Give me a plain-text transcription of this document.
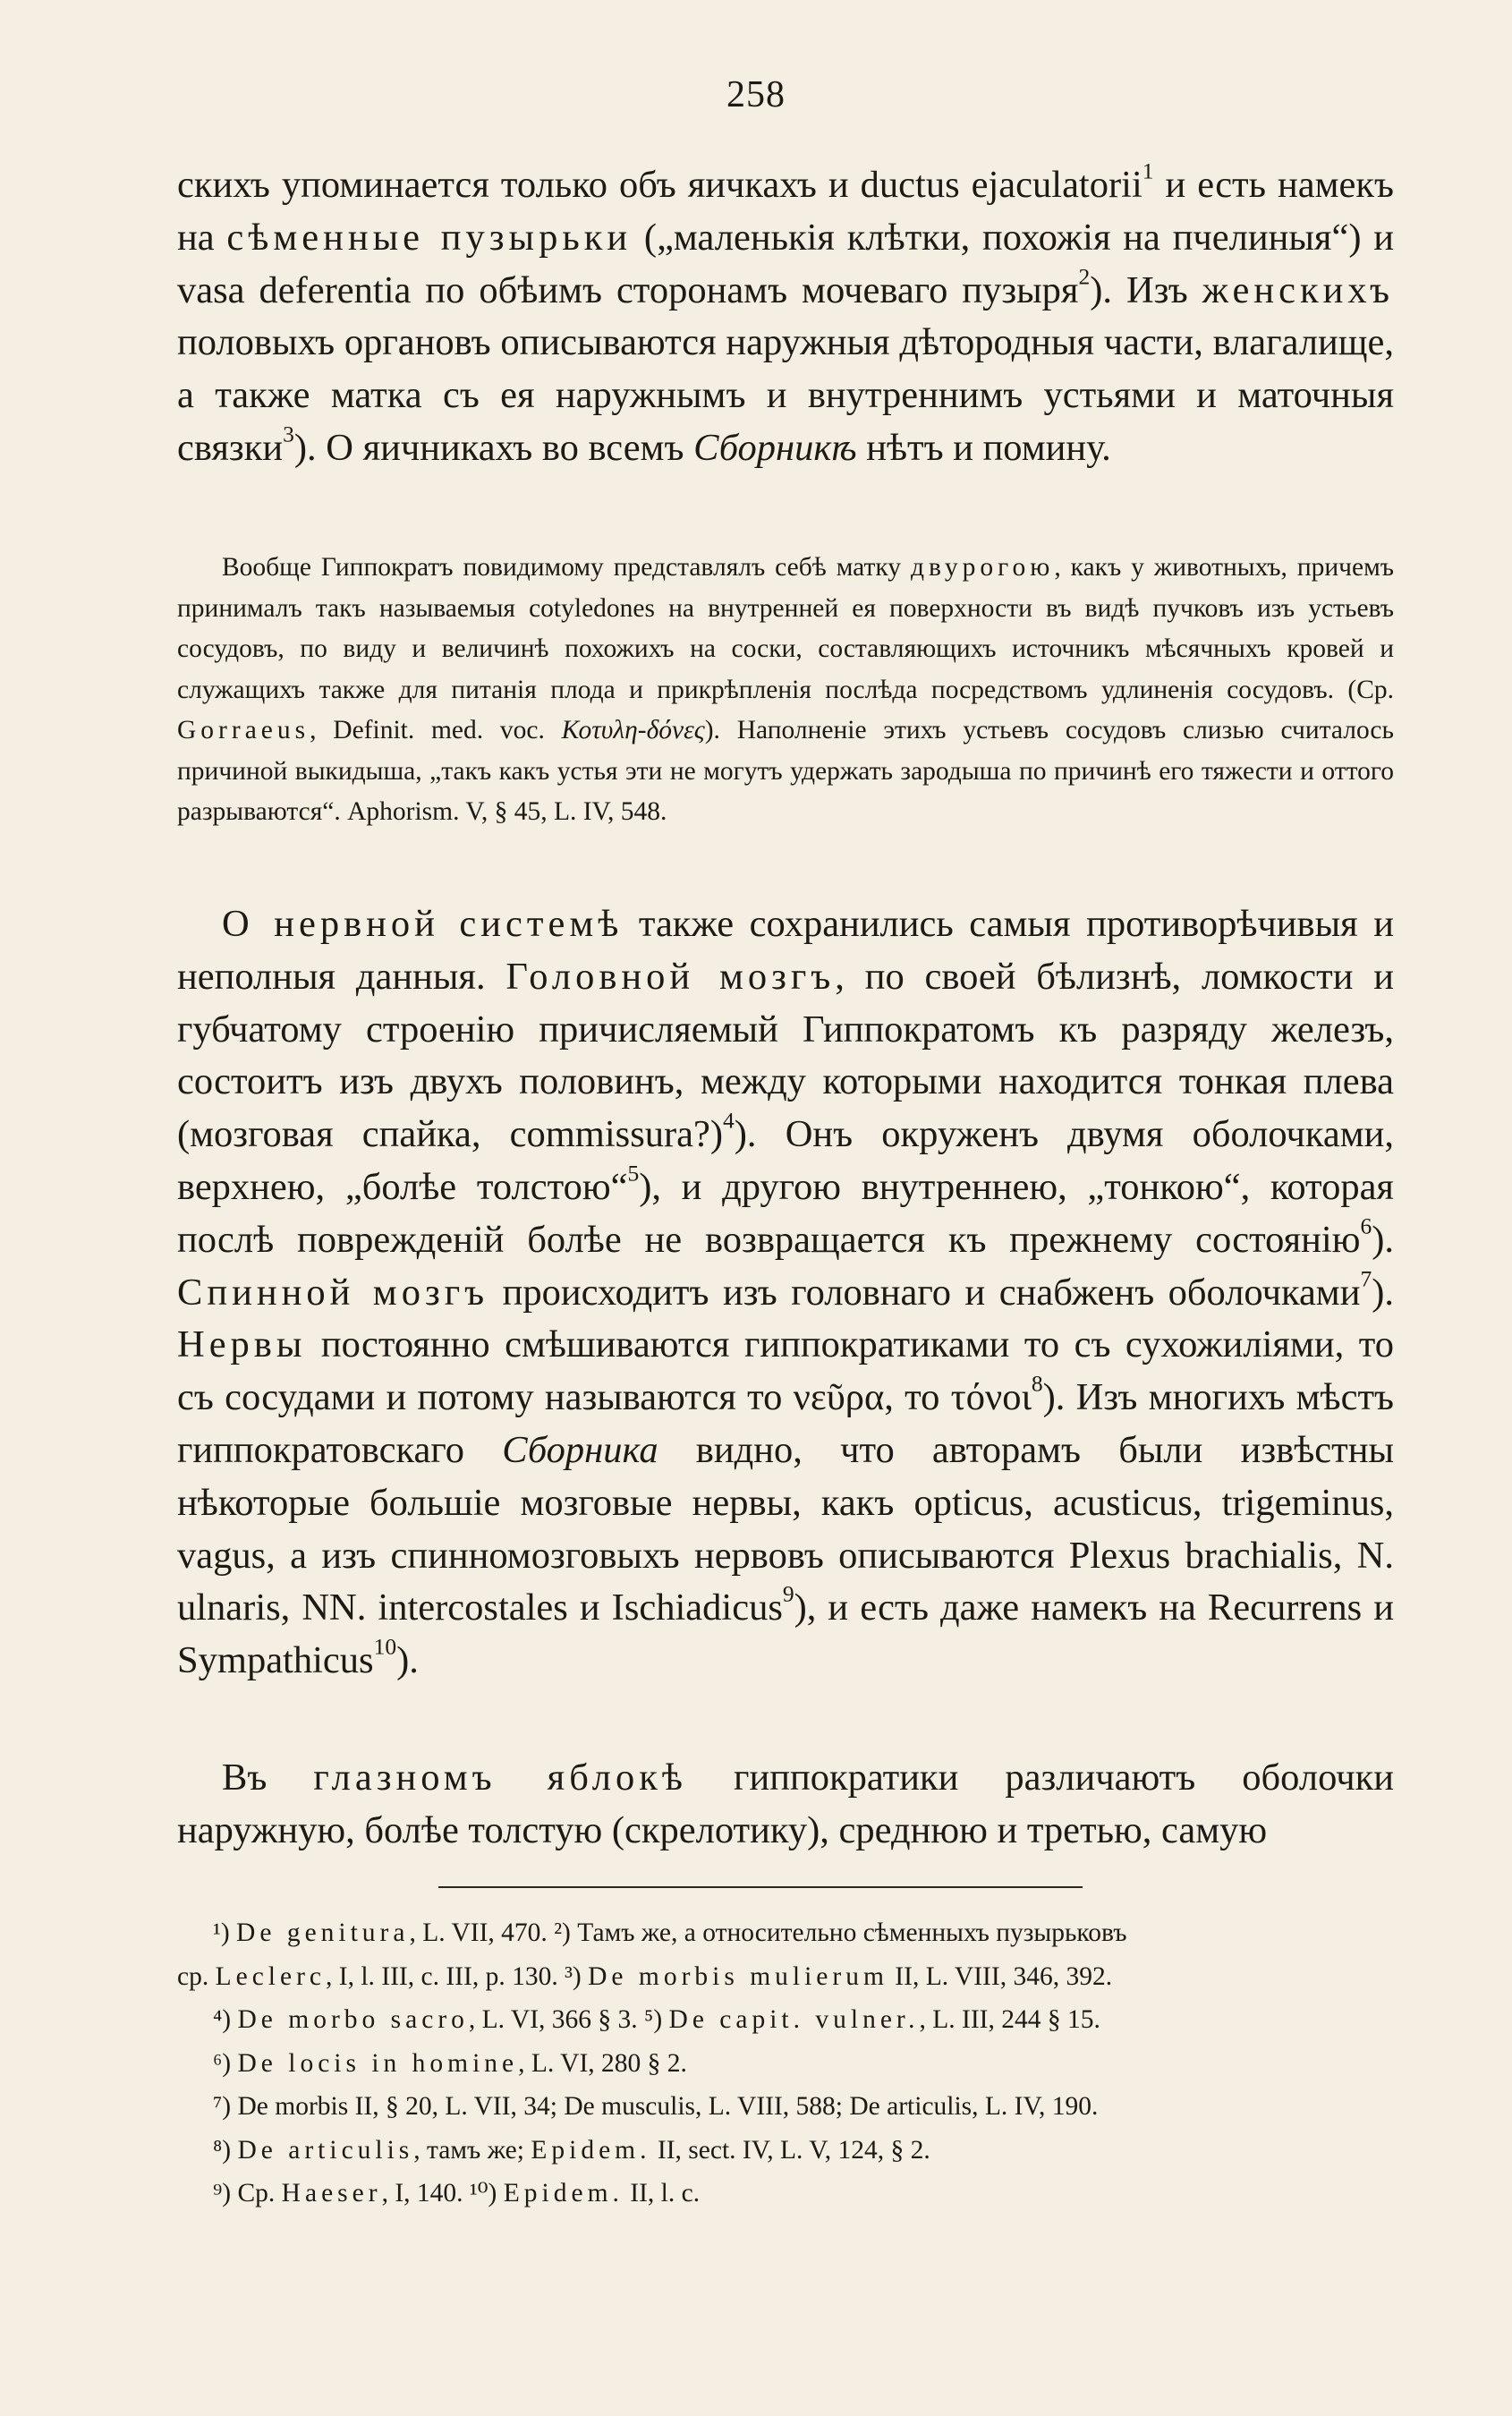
258

скихъ упоминается только объ яичкахъ и ductus ejaculatorii$^1$ и есть намекъ на сѣменные пузырьки („маленькія клѣтки, похожія на пчелиныя“) и vasa deferentia по обѣимъ сторонамъ мочеваго пузыря$^2$). Изъ женскихъ половыхъ органовъ описываются наружныя дѣтородныя части, влагалище, а также матка съ ея наружнымъ и внутреннимъ устьями и маточныя связки$^3$). О яичникахъ во всемъ Сборникѣ нѣтъ и помину.

Вообще Гиппократъ повидимому представлялъ себѣ матку двурогою, какъ у животныхъ, причемъ принималъ такъ называемыя cotyledones на внутренней ея поверхности въ видѣ пучковъ изъ устьевъ сосудовъ, по виду и величинѣ похожихъ на соски, составляющихъ источникъ мѣсячныхъ кровей и служащихъ также для питанія плода и прикрѣпленія послѣда посредствомъ удлиненія сосудовъ. (Ср. Gorraeus, Definit. med. voc. Κοτυλη-δόνες). Наполненіе этихъ устьевъ сосудовъ слизью считалось причиной выкидыша, „такъ какъ устья эти не могутъ удержать зародыша по причинѣ его тяжести и оттого разрываются“. Aphorism. V, § 45, L. IV, 548.

О нервной системѣ также сохранились самыя противорѣчивыя и неполныя данныя. Головной мозгъ, по своей бѣлизнѣ, ломкости и губчатому строенію причисляемый Гиппократомъ къ разряду железъ, состоитъ изъ двухъ половинъ, между которыми находится тонкая плева (мозговая спайка, commissura?)$^4$). Онъ окруженъ двумя оболочками, верхнею, „болѣе толстою“$^5$), и другою внутреннею, „тонкою“, которая послѣ повреждeній болѣе не возвращается къ прежнему состоянію$^6$). Спинной мозгъ происходитъ изъ головнаго и снабженъ оболочками$^7$). Нервы постоянно смѣшиваются гиппократиками то съ сухожиліями, то съ сосудами и потому называются то νεῦρα, то τόνοι$^8$). Изъ многихъ мѣстъ гиппократовскаго Сборника видно, что авторамъ были извѣстны нѣкоторые большіе мозговые нервы, какъ opticus, acusticus, trigeminus, vagus, а изъ спинномозговыхъ нервовъ описываются Plexus brachialis, N. ulnaris, NN. intercostales и Ischiadicus$^9$), и есть даже намекъ на Recurrens и Sympathicus$^{10}$).

Въ глазномъ яблокѣ гиппократики различаютъ оболочки наружную, болѣе толстую (скрелотику), среднюю и третью, самую

¹) De genitura, L. VII, 470. ²) Тамъ же, а относительно сѣменныхъ пузырьковъ

ср. Leclerc, I, l. III, c. III, p. 130. ³) De morbis mulierum II, L. VIII, 346, 392.

⁴) De morbo sacro, L. VI, 366 § 3. ⁵) De capit. vulner., L. III, 244 § 15.

⁶) De locis in homine, L. VI, 280 § 2.

⁷) De morbis II, § 20, L. VII, 34; De musculis, L. VIII, 588; De articulis, L. IV, 190.

⁸) De articulis, тамъ же; Epidem. II, sect. IV, L. V, 124, § 2.

⁹) Ср. Haeser, I, 140. ¹⁰) Epidem. II, l. c.
